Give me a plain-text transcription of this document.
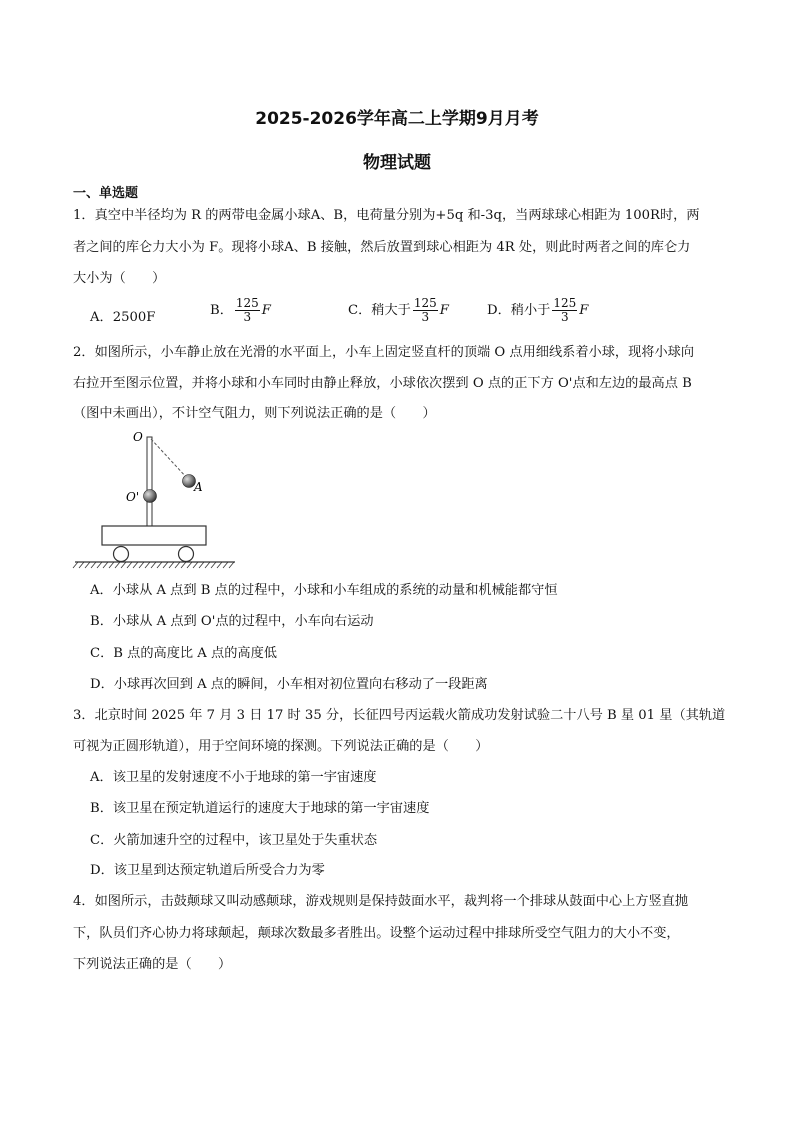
2025-2026学年高二上学期9月月考
物理试题
一、单选题
1．真空中半径均为 R 的两带电金属小球A、B，电荷量分别为+5q 和-3q，当两球球心相距为 100R时，两
者之间的库仑力大小为 F。现将小球A、B 接触，然后放置到球心相距为 4R 处，则此时两者之间的库仑力
大小为（　　）
A．2500F	B． $\frac{125}{3}$ F	C．稍大于 $\frac{125}{3}$ F	D．稍小于 $\frac{125}{3}$ F
2．如图所示，小车静止放在光滑的水平面上，小车上固定竖直杆的顶端 O 点用细线系着小球，现将小球向
右拉开至图示位置，并将小球和小车同时由静止释放，小球依次摆到 O 点的正下方 O'点和左边的最高点 B
（图中未画出），不计空气阻力，则下列说法正确的是（　　）
O
O'
A
A．小球从 A 点到 B 点的过程中，小球和小车组成的系统的动量和机械能都守恒
B．小球从 A 点到 O'点的过程中，小车向右运动
C．B 点的高度比 A 点的高度低
D．小球再次回到 A 点的瞬间，小车相对初位置向右移动了一段距离
3．北京时间 2025 年 7 月 3 日 17 时 35 分，长征四号丙运载火箭成功发射试验二十八号 B 星 01 星（其轨道
可视为正圆形轨道），用于空间环境的探测。下列说法正确的是（　　）
A．该卫星的发射速度不小于地球的第一宇宙速度
B．该卫星在预定轨道运行的速度大于地球的第一宇宙速度
C．火箭加速升空的过程中，该卫星处于失重状态
D．该卫星到达预定轨道后所受合力为零
4．如图所示，击鼓颠球又叫动感颠球，游戏规则是保持鼓面水平，裁判将一个排球从鼓面中心上方竖直抛
下，队员们齐心协力将球颠起，颠球次数最多者胜出。设整个运动过程中排球所受空气阻力的大小不变，
下列说法正确的是（　　）
